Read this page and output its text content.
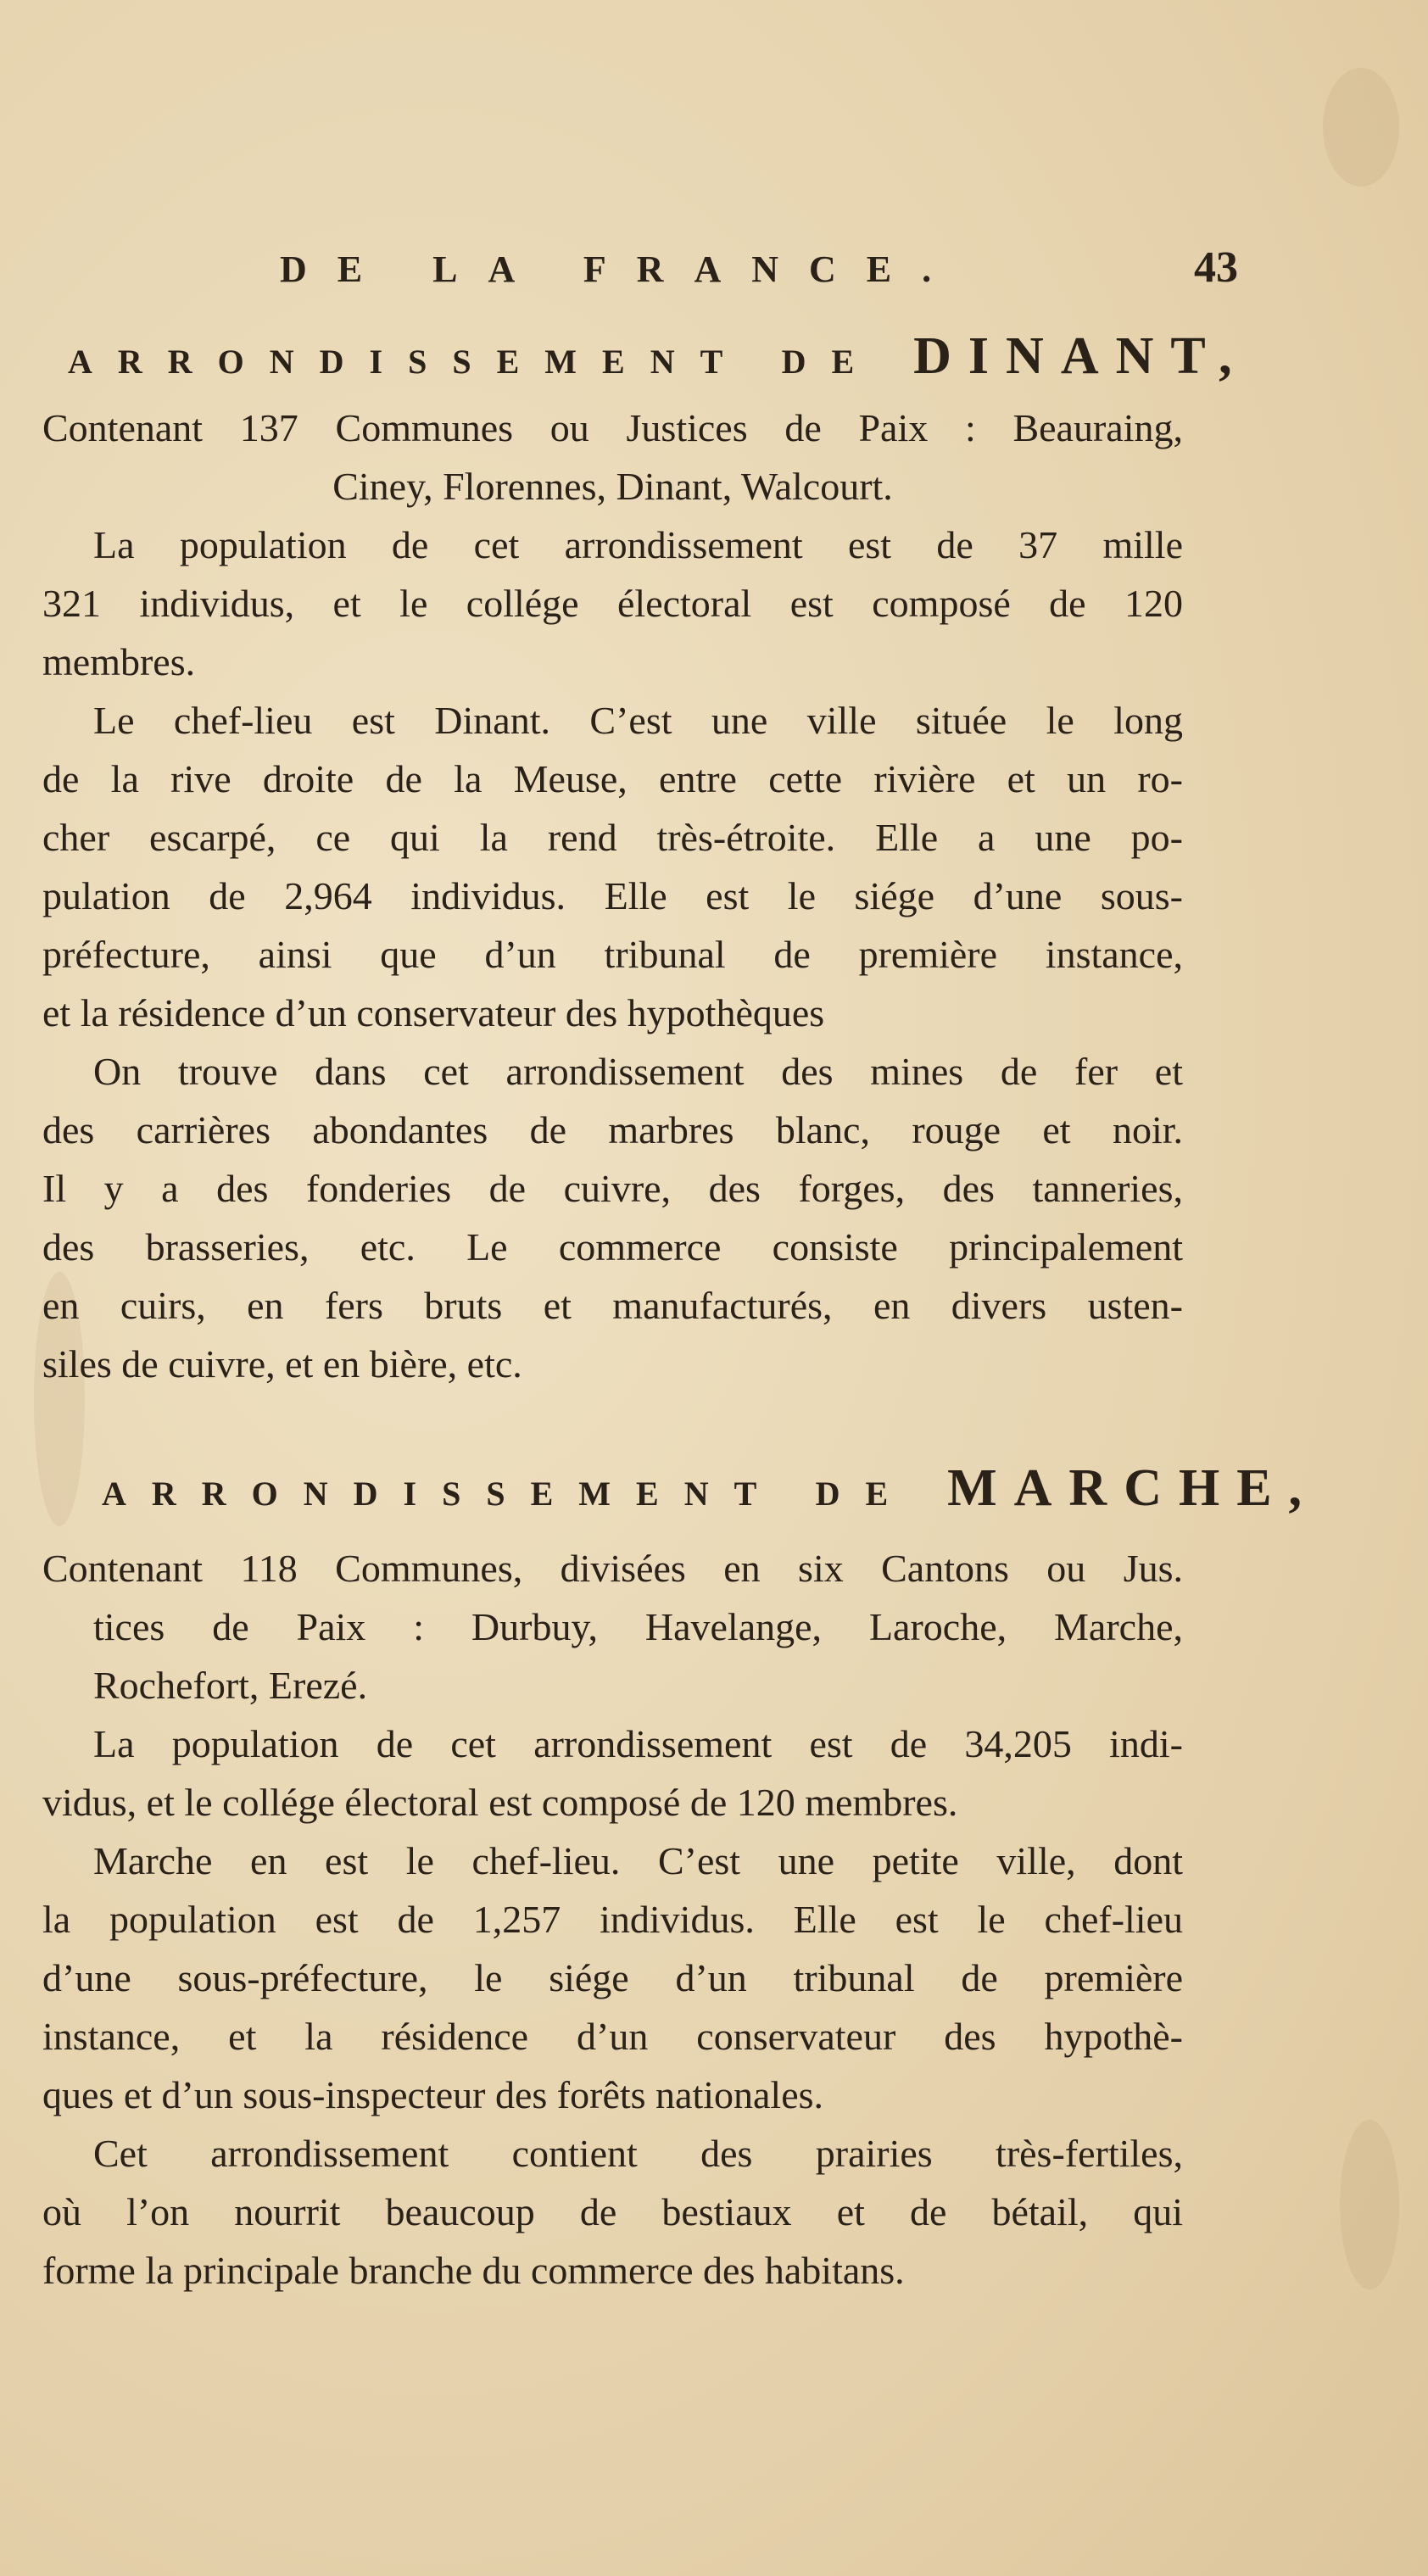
DE LA FRANCE.	43
ARRONDISSEMENT DE DINANT,
Contenant 137 Communes ou Justices de Paix : Beauraing,
Ciney, Florennes, Dinant, Walcourt.
La population de cet arrondissement est de 37 mille
321 individus, et le collége électoral est composé de 120
membres.
Le chef-lieu est Dinant. C’est une ville située le long
de la rive droite de la Meuse, entre cette rivière et un ro-
cher escarpé, ce qui la rend très-étroite. Elle a une po-
pulation de 2,964 individus. Elle est le siége d’une sous-
préfecture, ainsi que d’un tribunal de première instance,
et la résidence d’un conservateur des hypothèques
On trouve dans cet arrondissement des mines de fer et
des carrières abondantes de marbres blanc, rouge et noir.
Il y a des fonderies de cuivre, des forges, des tanneries,
des brasseries, etc. Le commerce consiste principalement
en cuirs, en fers bruts et manufacturés, en divers usten-
siles de cuivre, et en bière, etc.
ARRONDISSEMENT DE MARCHE,
Contenant 118 Communes, divisées en six Cantons ou Jus.
tices de Paix : Durbuy, Havelange, Laroche, Marche,
Rochefort, Erezé.
La population de cet arrondissement est de 34,205 indi-
vidus, et le collége électoral est composé de 120 membres.
Marche en est le chef-lieu. C’est une petite ville, dont
la population est de 1,257 individus. Elle est le chef-lieu
d’une sous-préfecture, le siége d’un tribunal de première
instance, et la résidence d’un conservateur des hypothè-
ques et d’un sous-inspecteur des forêts nationales.
Cet arrondissement contient des prairies très-fertiles,
où l’on nourrit beaucoup de bestiaux et de bétail, qui
forme la principale branche du commerce des habitans.
